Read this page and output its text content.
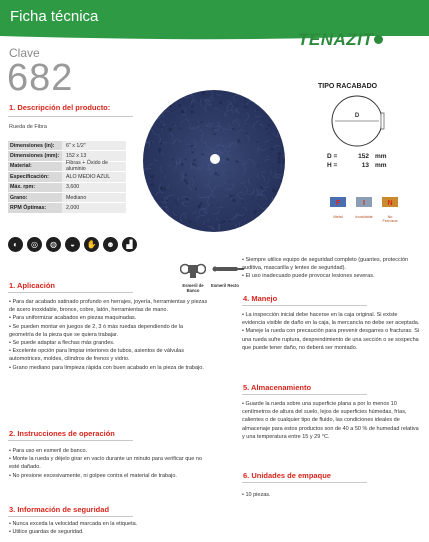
Ficha técnica
Clave
682
TENAZIT
1. Descripción del producto:
Rueda de Fibra
Dimensiones (in):	6" x 1/2"
Dimensiones (mm):	152 x 13
Material:	Fibras + Óxido de aluminio
Especificación:	ALO MEDIO AZUL
Máx. rpm:	3,600
Grano:	Mediano
RPM Óptimas:	2,000
TIPO RACABADO
D
D =	152 mm
H =	13 mm
F
Metal
I
Inoxidable
N
No Ferrosos
◐	◎	◍	◒	✋	☻	▟
Esmeril de Banco
Esmeril Recto
1. Aplicación

• Para dar acabado satinado profundo en herrajes, joyería, herramientas y piezas de acero inoxidable, bronce, cobre, latón, herramientas de mano.

• Para uniformizar acabados en piezas maquinadas.

• Se pueden montar en juegos de 2, 3 ó más ruedas dependiendo de la geometría de la pieza que se quiera trabajar.

• Se puede adaptar a flechas más grandes.

• Excelente opción para limpiar interiores de tubos, asientos de válvulas automotrices, moldes, cilindros de frenos y vidrio.

• Grano mediano para limpieza rápida con buen acabado en la pieza de trabajo.

2. Instrucciones de operación

• Para uso en esmeril de banco.

• Monte la rueda y déjelo girar en vacío durante un minuto para verificar que no esté dañado.

• No presione excesivamente, ni golpee contra el material de trabajo.

3. Información de seguridad

• Nunca exceda la velocidad marcada en la etiqueta.

• Utilice guardas de seguridad.

• Siempre utilice equipo de seguridad completo (guantes, protección auditiva, mascarilla y lentes de seguridad).

• El uso inadecuado puede provocar lesiones severas.

4. Manejo

• La inspección inicial debe hacerse en la caja original. Si existe evidencia visible de daño en la caja, la mercancía no debe ser aceptada.

• Maneje la rueda con precaución para prevenir desgarres o fracturas. Si una rueda sufre ruptura, desprendimiento de una sección o se sospecha que puede tener daño, no deberá ser montado.

5. Almacenamiento

• Guarde la rueda sobre una superficie plana a por lo menos 10 centímetros de altura del suelo, lejos de superficies húmedas, frías, calientes o de cualquier tipo de fluido, las condiciones ideales de almacenaje para estos productos son de 40 a 50 % de humedad relativa y una temperatura entre 15 y 29 °C.

6. Unidades de empaque

• 10 piezas.
